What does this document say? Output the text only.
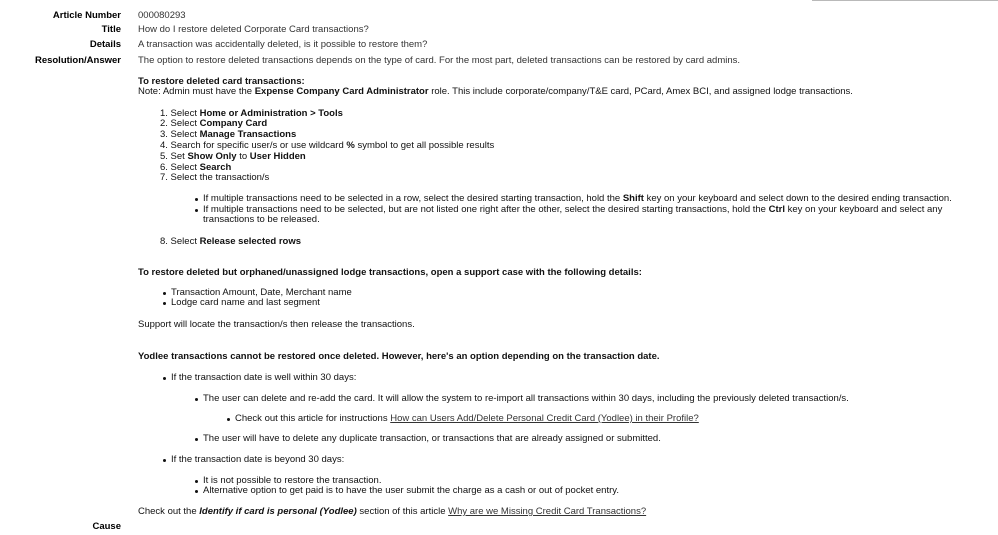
Article Number 000080293
Title How do I restore deleted Corporate Card transactions?
Details A transaction was accidentally deleted, is it possible to restore them?
Resolution/Answer The option to restore deleted transactions depends on the type of card. For the most part, deleted transactions can be restored by card admins.
Cause
To restore deleted card transactions:
Note: Admin must have the Expense Company Card Administrator role. This include corporate/company/T&E card, PCard, Amex BCI, and assigned lodge transactions.
1. Select Home or Administration > Tools
2. Select Company Card
3. Select Manage Transactions
4. Search for specific user/s or use wildcard % symbol to get all possible results
5. Set Show Only to User Hidden
6. Select Search
7. Select the transaction/s
If multiple transactions need to be selected in a row, select the desired starting transaction, hold the Shift key on your keyboard and select down to the desired ending transaction.
If multiple transactions need to be selected, but are not listed one right after the other, select the desired starting transactions, hold the Ctrl key on your keyboard and select any
transactions to be released.
8. Select Release selected rows
To restore deleted but orphaned/unassigned lodge transactions, open a support case with the following details:
Transaction Amount, Date, Merchant name
Lodge card name and last segment
Support will locate the transaction/s then release the transactions.
Yodlee transactions cannot be restored once deleted. However, here's an option depending on the transaction date.
If the transaction date is well within 30 days:
The user can delete and re-add the card. It will allow the system to re-import all transactions within 30 days, including the previously deleted transaction/s.
Check out this article for instructions How can Users Add/Delete Personal Credit Card (Yodlee) in their Profile?
The user will have to delete any duplicate transaction, or transactions that are already assigned or submitted.
If the transaction date is beyond 30 days:
It is not possible to restore the transaction.
Alternative option to get paid is to have the user submit the charge as a cash or out of pocket entry.
Check out the Identify if card is personal (Yodlee) section of this article Why are we Missing Credit Card Transactions?
